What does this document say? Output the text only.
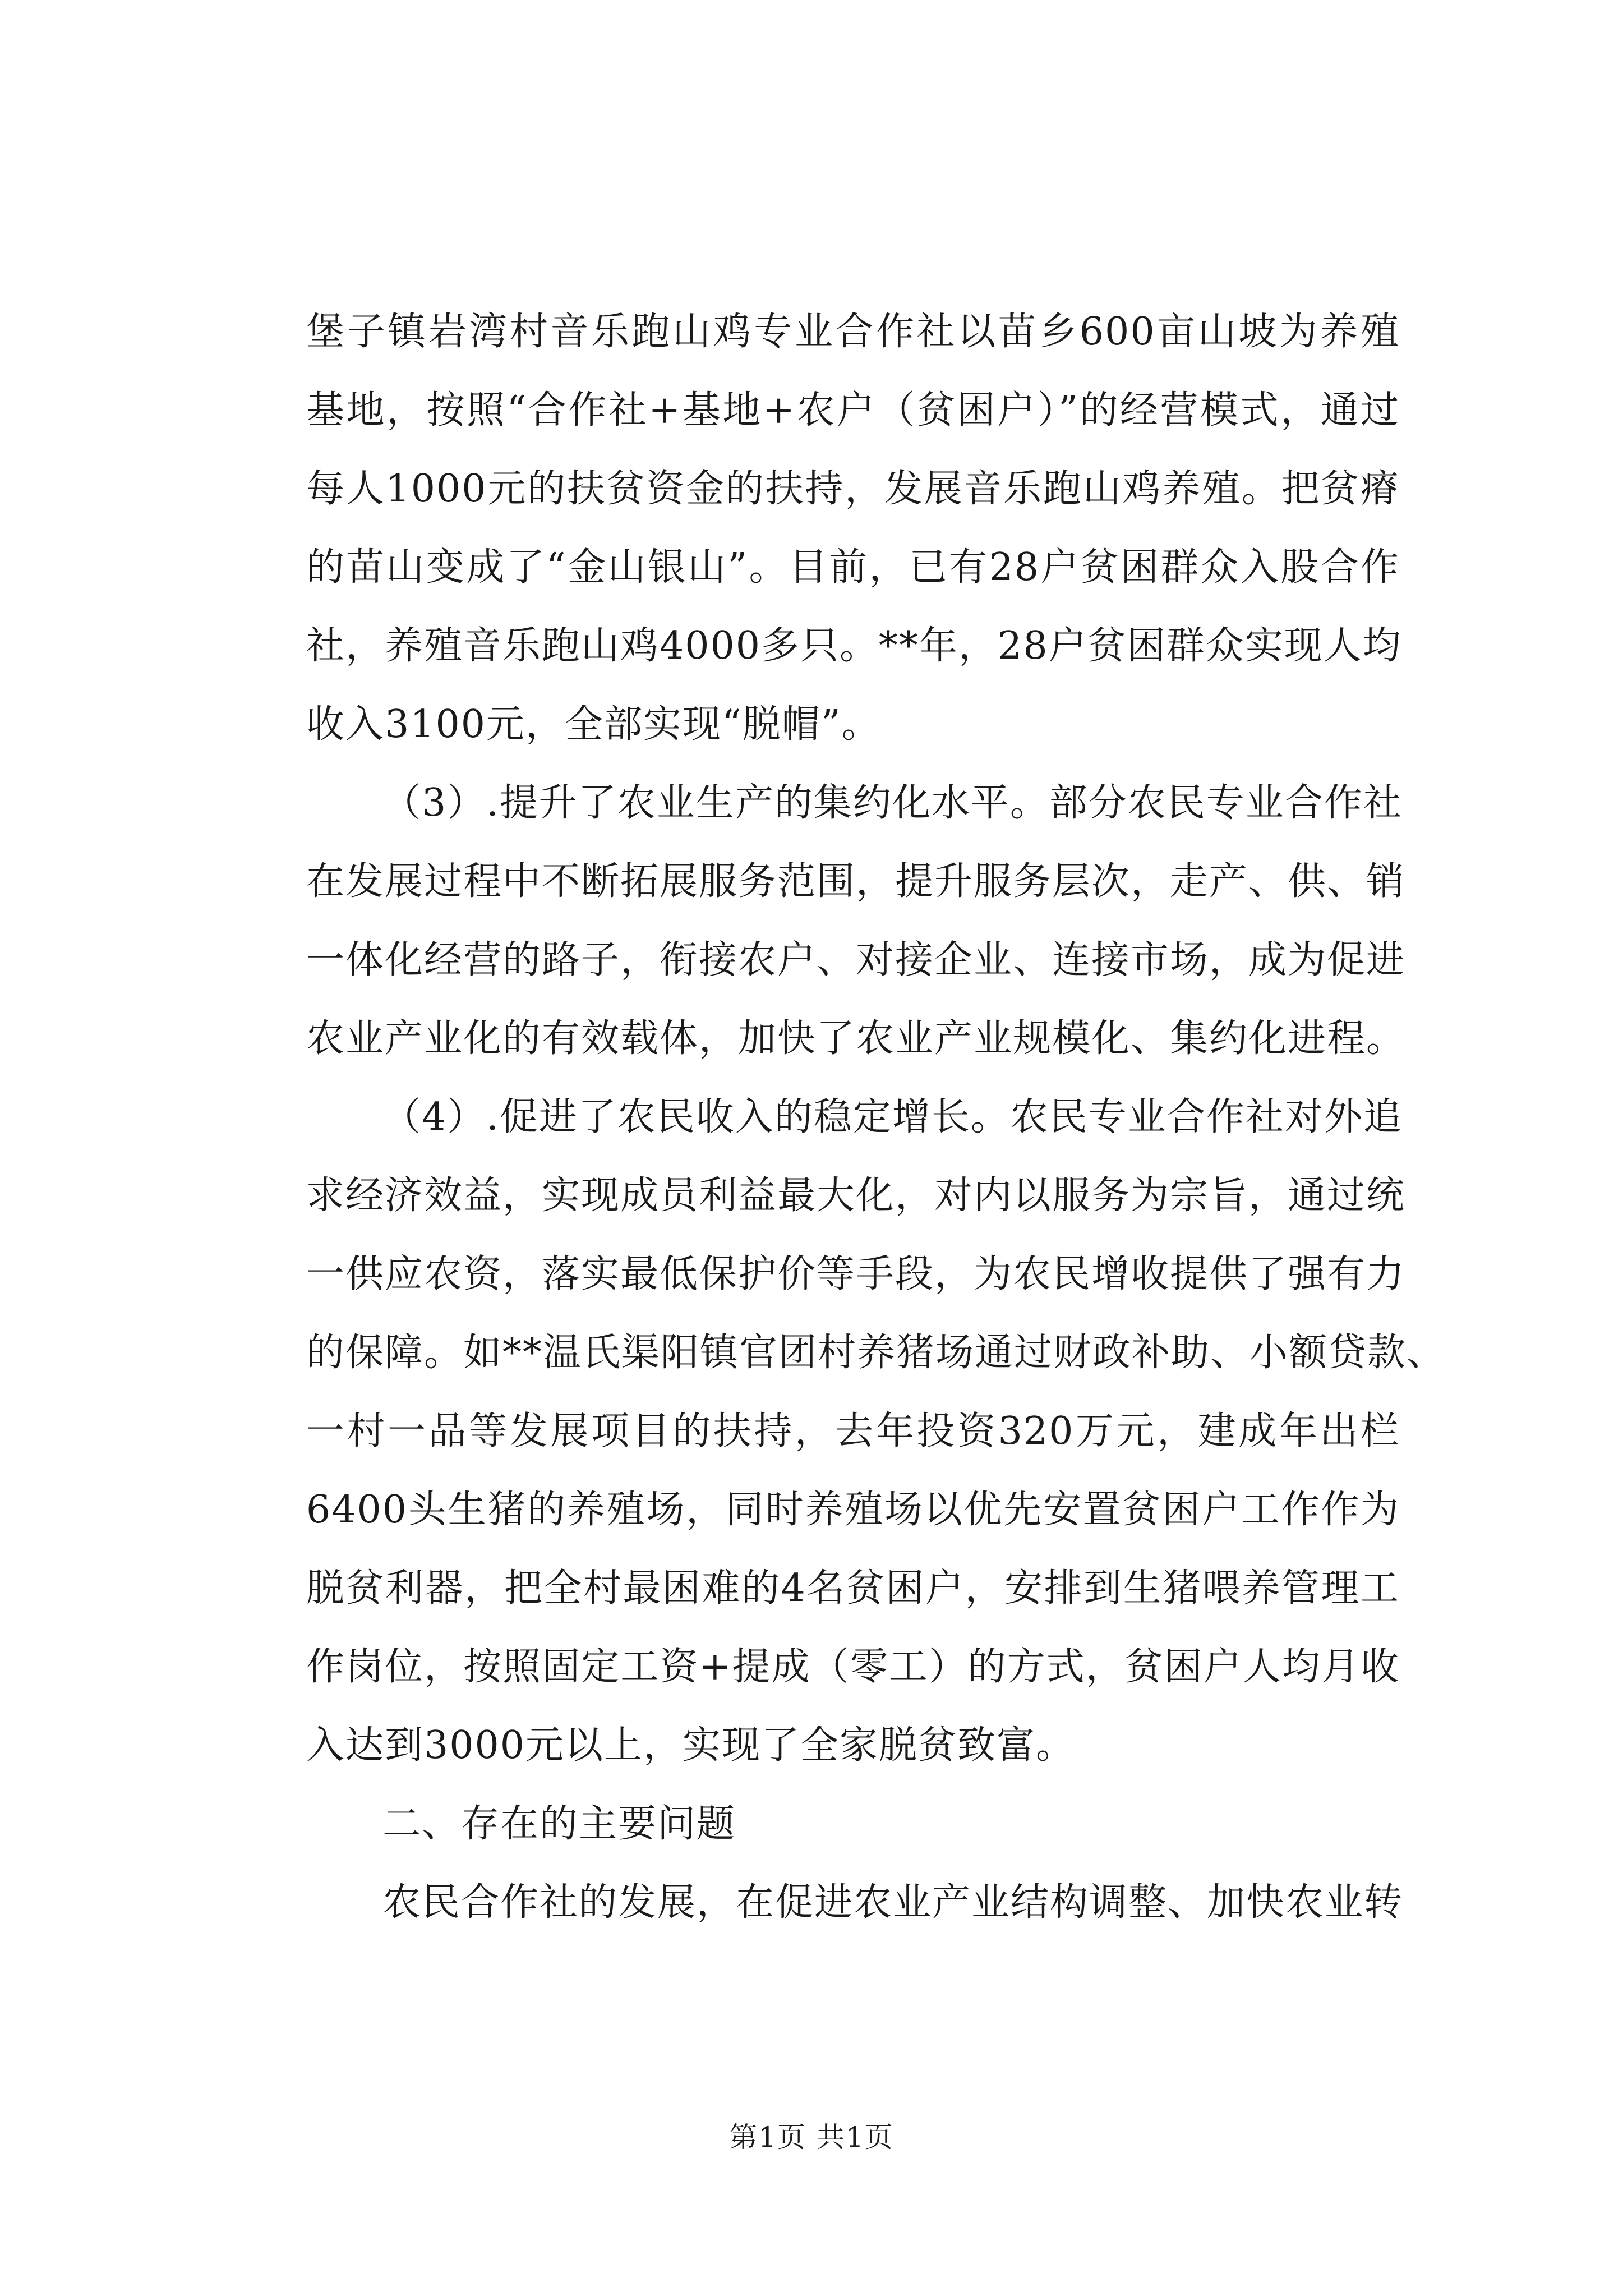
堡子镇岩湾村音乐跑山鸡专业合作社以苗乡600亩山坡为养殖
基地，按照“合作社+基地+农户（贫困户）”的经营模式，通过
每人1000元的扶贫资金的扶持，发展音乐跑山鸡养殖。把贫瘠
的苗山变成了“金山银山”。目前，已有28户贫困群众入股合作
社，养殖音乐跑山鸡4000多只。**年，28户贫困群众实现人均
收入3100元，全部实现“脱帽”。
（3）.提升了农业生产的集约化水平。部分农民专业合作社
在发展过程中不断拓展服务范围，提升服务层次，走产、供、销
一体化经营的路子，衔接农户、对接企业、连接市场，成为促进
农业产业化的有效载体，加快了农业产业规模化、集约化进程。
（4）.促进了农民收入的稳定增长。农民专业合作社对外追
求经济效益，实现成员利益最大化，对内以服务为宗旨，通过统
一供应农资，落实最低保护价等手段，为农民增收提供了强有力
的保障。如**温氏渠阳镇官团村养猪场通过财政补助、小额贷款、
一村一品等发展项目的扶持，去年投资320万元，建成年出栏
6400头生猪的养殖场，同时养殖场以优先安置贫困户工作作为
脱贫利器，把全村最困难的4名贫困户，安排到生猪喂养管理工
作岗位，按照固定工资+提成（零工）的方式，贫困户人均月收
入达到3000元以上，实现了全家脱贫致富。
二、存在的主要问题
农民合作社的发展，在促进农业产业结构调整、加快农业转
第1页 共1页
